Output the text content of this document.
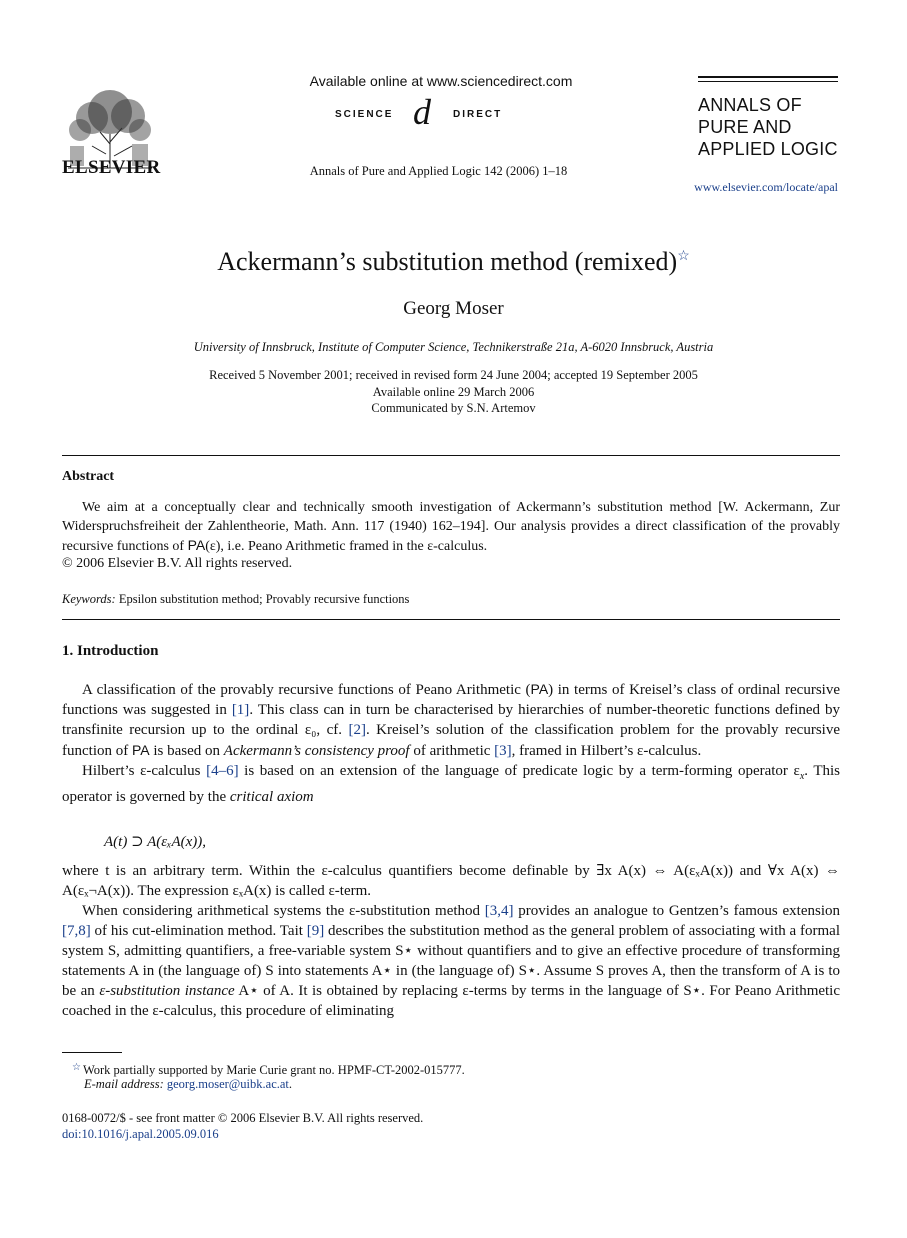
ELSEVIER
Available online at www.sciencedirect.com
SCIENCE d DIRECT
Annals of Pure and Applied Logic 142 (2006) 1–18
ANNALS OF
PURE AND
APPLIED LOGIC
www.elsevier.com/locate/apal
Ackermann’s substitution method (remixed)☆
Georg Moser
University of Innsbruck, Institute of Computer Science, Technikerstraße 21a, A-6020 Innsbruck, Austria
Received 5 November 2001; received in revised form 24 June 2004; accepted 19 September 2005
Available online 29 March 2006
Communicated by S.N. Artemov
Abstract

We aim at a conceptually clear and technically smooth investigation of Ackermann’s substitution method [W. Ackermann, Zur Widerspruchsfreiheit der Zahlentheorie, Math. Ann. 117 (1940) 162–194]. Our analysis provides a direct classification of the provably recursive functions of PA(ε), i.e. Peano Arithmetic framed in the ε-calculus.

© 2006 Elsevier B.V. All rights reserved.
Keywords: Epsilon substitution method; Provably recursive functions
1. Introduction

A classification of the provably recursive functions of Peano Arithmetic (PA) in terms of Kreisel’s class of ordinal recursive functions was suggested in [1]. This class can in turn be characterised by hierarchies of number-theoretic functions defined by transfinite recursion up to the ordinal ε₀, cf. [2]. Kreisel’s solution of the classification problem for the provably recursive function of PA is based on Ackermann’s consistency proof of arithmetic [3], framed in Hilbert’s ε-calculus.

Hilbert’s ε-calculus [4–6] is based on an extension of the language of predicate logic by a term-forming operator $\varepsilon_x$. This operator is governed by the critical axiom

A(t) ⊃ A(εₓA(x)),

where t is an arbitrary term. Within the ε-calculus quantifiers become definable by ∃x A(x) ⇔ A(εₓA(x)) and ∀x A(x) ⇔ A(εₓ¬A(x)). The expression εₓA(x) is called ε-term.

When considering arithmetical systems the ε-substitution method [3,4] provides an analogue to Gentzen’s famous extension [7,8] of his cut-elimination method. Tait [9] describes the substitution method as the general problem of associating with a formal system S, admitting quantifiers, a free-variable system S⋆ without quantifiers and to give an effective procedure of transforming statements A in (the language of) S into statements A⋆ in (the language of) S⋆. Assume S proves A, then the transform of A is to be an ε-substitution instance A⋆ of A. It is obtained by replacing ε-terms by terms in the language of S⋆. For Peano Arithmetic coached in the ε-calculus, this procedure of eliminating

☆ Work partially supported by Marie Curie grant no. HPMF-CT-2002-015777.
E-mail address: georg.moser@uibk.ac.at.
0168-0072/$ - see front matter © 2006 Elsevier B.V. All rights reserved.
doi:10.1016/j.apal.2005.09.016
